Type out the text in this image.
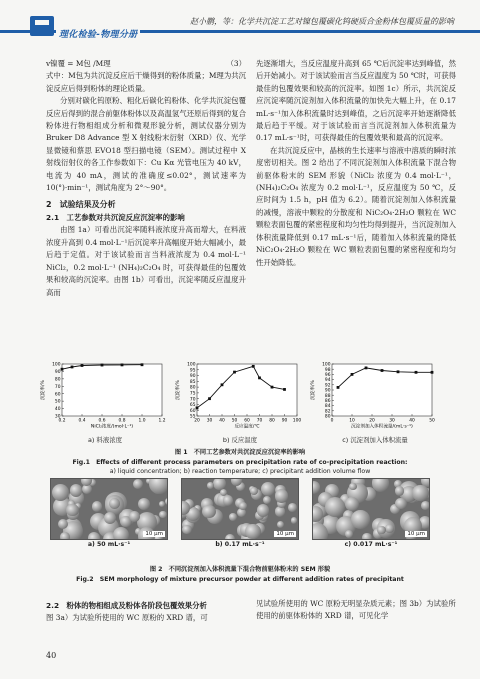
理化检验-物理分册
赵小鹏，等：化学共沉淀工艺对镍包覆碳化钨硬质合金粉体包覆质量的影响

v镍覆 = M包 /M理	（3）

式中：M包为共沉淀反应后干燥得到的粉体质量；M理为共沉淀反应后得到粉体的理论质量。

分别对碳化钨原粉、粗化后碳化钨粉体、化学共沉淀包覆反应后得到的混合前躯体粉体以及高温氢气还原后得到的复合粉体进行物相组成分析和微观形貌分析，测试仪器分别为 Bruker D8 Advance 型 X 射线粉末衍射（XRD）仪、光学显微镜和蔡思 EVO18 型扫描电镜（SEM）。测试过程中 X 射线衍射仪的各工作参数如下：Cu Kα 光管电压为 40 kV，电流为 40 mA，测试的准确度≤0.02°，测试速率为 10(°)·min⁻¹，测试角度为 2°～90°。

2　试验结果及分析

2.1　工艺参数对共沉淀反应沉淀率的影响

由图 1a）可看出沉淀率随料液浓度升高而增大，在料液浓度升高到 0.4 mol·L⁻¹后沉淀率升高幅度开始大幅减小，最后趋于定值。对于该试验而言当料液浓度为 0.4 mol·L⁻¹ NiCl₂，0.2 mol·L⁻¹ (NH₄)₂C₂O₄ 时，可获得最佳的包覆效果和较高的沉淀率。由图 1b）可看出，沉淀率随反应温度升高而

先逐渐增大，当反应温度升高到 65 ℃后沉淀率达到峰值，然后开始减小。对于该试验而言当反应温度为 50 ℃时，可获得最佳的包覆效果和较高的沉淀率。如图 1c）所示，共沉淀反应沉淀率随沉淀剂加入体积流量的加快先大幅上升，在 0.17 mL·s⁻¹加入体积流量时达到峰值，之后沉淀率开始逐渐降低最后趋于平缓。对于该试验而言当沉淀剂加入体积流量为 0.17 mL·s⁻¹时，可获得最佳的包覆效果和最高的沉淀率。

在共沉淀反应中，晶核的生长速率与溶液中溶质的瞬时浓度密切相关。图 2 给出了不同沉淀剂加入体积流量下混合物前驱体粉末的 SEM 形貌（NiCl₂ 浓度为 0.4 mol·L⁻¹，(NH₄)₂C₂O₄ 浓度为 0.2 mol·L⁻¹，反应温度为 50 ℃，反应时间为 1.5 h，pH 值为 6.2）。随着沉淀剂加入体积流量的减慢，溶液中颗粒的分散度和 NiC₂O₄·2H₂O 颗粒在 WC 颗粒表面包覆的紧密程度和均匀性均得到提升，当沉淀剂加入体积流量降低到 0.17 mL·s⁻¹后，随着加入体积流量的降低 NiC₂O₄·2H₂O 颗粒在 WC 颗粒表面包覆的紧密程度和均匀性开始降低。

30
40
50
60
70
80
90
100
0.2	0.4	0.6	0.8	1.0	1.2
NiCl₂浓度/(mol·L⁻¹)
沉淀率/%
a) 料液浓度
55
60
65
70
75
80
85
90
95
100
20 30 40 50 60 70 80 90 100
反应温度/℃
沉淀率/%
b) 反应温度
80
82
84
86
88
90
92
94
96
98
100
0	10	20	30	40	50
沉淀剂加入体积流量/(mL·s⁻¹)
沉淀率/%
c) 沉淀剂加入体积流量
图 1　不同工艺参数对共沉淀反应沉淀率的影响
Fig.1　Effects of different process parameters on precipitation rate of co-precipitation reaction:
a) liquid concentration; b) reaction temperature; c) precipitant addition volume flow
10 μm
a) 50 mL·s⁻¹
10 μm
b) 0.17 mL·s⁻¹
10 μm
c) 0.017 mL·s⁻¹
图 2　不同沉淀剂加入体积流量下混合物前驱体粉末的 SEM 形貌
Fig.2　SEM morphology of mixture precursor powder at different addition rates of precipitant

2.2　粉体的物相组成及粉体各阶段包覆效果分析

图 3a）为试验所使用的 WC 原粉的 XRD 谱，可

见试验所使用的 WC 原粉无明显杂质元素；图 3b）为试验所使用的前驱体粉体的 XRD 谱，可见化学

40
